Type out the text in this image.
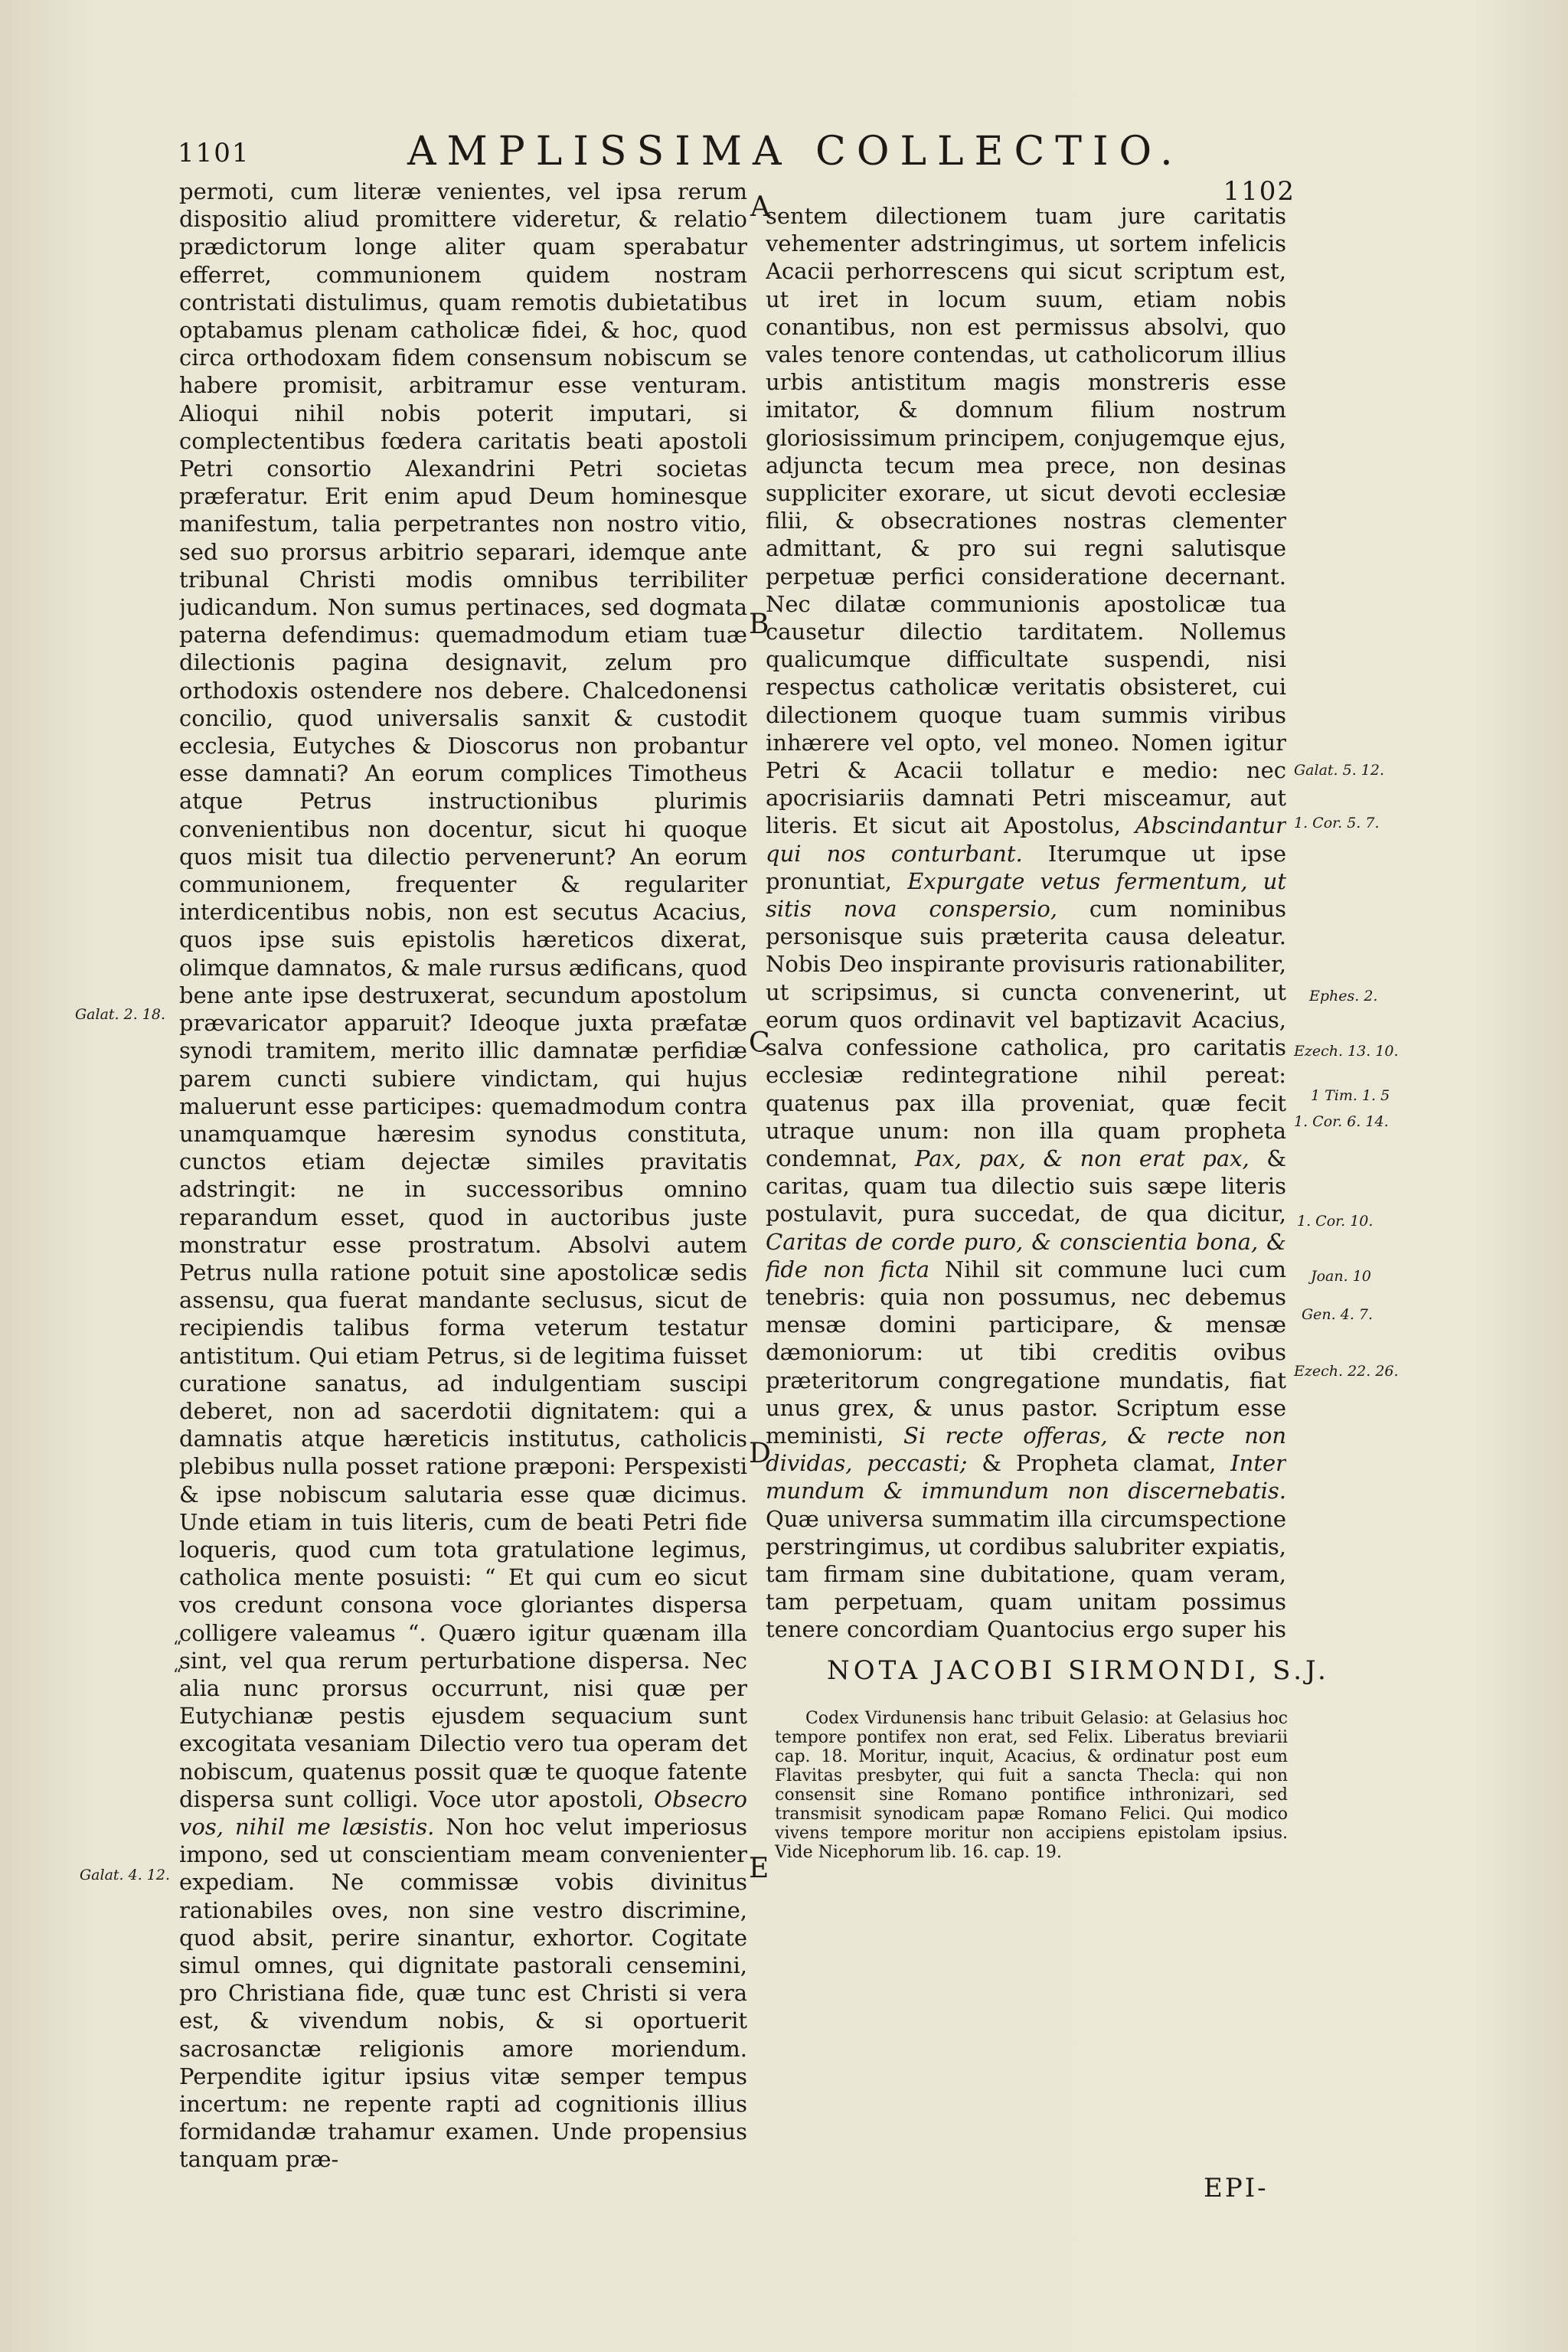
1101	AMPLISSIMA COLLECTIO.
1102
A
B
C
D
E

permoti, cum literæ venientes, vel ipsa rerum dispositio aliud promittere videretur, & relatio prædictorum longe aliter quam sperabatur efferret, communionem quidem nostram contristati distulimus, quam remotis dubietatibus optabamus plenam catholicæ fidei, & hoc, quod circa orthodoxam fidem consensum nobiscum se habere promisit, arbitramur esse venturam. Alioqui nihil nobis poterit imputari, si complectentibus fœdera caritatis beati apostoli Petri consortio Alexandrini Petri societas præferatur. Erit enim apud Deum hominesque manifestum, talia perpetrantes non nostro vitio, sed suo prorsus arbitrio separari, idemque ante tribunal Christi modis omnibus terribiliter judicandum. Non sumus pertinaces, sed dogmata paterna defendimus: quemadmodum etiam tuæ dilectionis pagina designavit, zelum pro orthodoxis ostendere nos debere. Chalcedonensi concilio, quod universalis sanxit & custodit ecclesia, Eutyches & Dioscorus non probantur esse damnati? An eorum complices Timotheus atque Petrus instructionibus plurimis convenientibus non docentur, sicut hi quoque quos misit tua dilectio pervenerunt? An eorum communionem, frequenter & regulariter interdicentibus nobis, non est secutus Acacius, quos ipse suis epistolis hæreticos dixerat, olimque damnatos, & male rursus ædificans, quod bene ante ipse destruxerat, secundum apostolum prævaricator apparuit? Ideoque juxta præfatæ synodi tramitem, merito illic damnatæ perfidiæ parem cuncti subiere vindictam, qui hujus maluerunt esse participes: quemadmodum contra unamquamque hæresim synodus constituta, cunctos etiam dejectæ similes pravitatis adstringit: ne in successoribus omnino reparandum esset, quod in auctoribus juste monstratur esse prostratum. Absolvi autem Petrus nulla ratione potuit sine apostolicæ sedis assensu, qua fuerat mandante seclusus, sicut de recipiendis talibus forma veterum testatur antistitum. Qui etiam Petrus, si de legitima fuisset curatione sanatus, ad indulgentiam suscipi deberet, non ad sacerdotii dignitatem: qui a damnatis atque hæreticis institutus, catholicis plebibus nulla posset ratione præponi: Perspexisti & ipse nobiscum salutaria esse quæ dicimus. Unde etiam in tuis literis, cum de beati Petri fide loqueris, quod cum tota gratulatione legimus, catholica mente posuisti: “ Et qui cum eo sicut vos credunt consona voce gloriantes dispersa colligere valeamus “. Quæro igitur quænam illa sint, vel qua rerum perturbatione dispersa. Nec alia nunc prorsus occurrunt, nisi quæ per Eutychianæ pestis ejusdem sequacium sunt excogitata vesaniam Dilectio vero tua operam det nobiscum, quatenus possit quæ te quoque fatente dispersa sunt colligi. Voce utor apostoli, Obsecro vos, nihil me læsistis. Non hoc velut imperiosus impono, sed ut conscientiam meam convenienter expediam. Ne commissæ vobis divinitus rationabiles oves, non sine vestro discrimine, quod absit, perire sinantur, exhortor. Cogitate simul omnes, qui dignitate pastorali censemini, pro Christiana fide, quæ tunc est Christi si vera est, & vivendum nobis, & si oportuerit sacrosanctæ religionis amore moriendum. Perpendite igitur ipsius vitæ semper tempus incertum: ne repente rapti ad cognitionis illius formidandæ trahamur examen. Unde propensius tanquam præ-

sentem dilectionem tuam jure caritatis vehementer adstringimus, ut sortem infelicis Acacii perhorrescens qui sicut scriptum est, ut iret in locum suum, etiam nobis conantibus, non est permissus absolvi, quo vales tenore contendas, ut catholicorum illius urbis antistitum magis monstreris esse imitator, & domnum filium nostrum gloriosissimum principem, conjugemque ejus, adjuncta tecum mea prece, non desinas suppliciter exorare, ut sicut devoti ecclesiæ filii, & obsecrationes nostras clementer admittant, & pro sui regni salutisque perpetuæ perfici consideratione decernant. Nec dilatæ communionis apostolicæ tua causetur dilectio tarditatem. Nollemus qualicumque difficultate suspendi, nisi respectus catholicæ veritatis obsisteret, cui dilectionem quoque tuam summis viribus inhærere vel opto, vel moneo. Nomen igitur Petri & Acacii tollatur e medio: nec apocrisiariis damnati Petri misceamur, aut literis. Et sicut ait Apostolus, Abscindantur qui nos conturbant. Iterumque ut ipse pronuntiat, Expurgate vetus fermentum, ut sitis nova conspersio, cum nominibus personisque suis præterita causa deleatur. Nobis Deo inspirante provisuris rationabiliter, ut scripsimus, si cuncta convenerint, ut eorum quos ordinavit vel baptizavit Acacius, salva confessione catholica, pro caritatis ecclesiæ redintegratione nihil pereat: quatenus pax illa proveniat, quæ fecit utraque unum: non illa quam propheta condemnat, Pax, pax, & non erat pax, & caritas, quam tua dilectio suis sæpe literis postulavit, pura succedat, de qua dicitur, Caritas de corde puro, & conscientia bona, & fide non ficta Nihil sit commune luci cum tenebris: quia non possumus, nec debemus mensæ domini participare, & mensæ dæmoniorum: ut tibi creditis ovibus præteritorum congregatione mundatis, fiat unus grex, & unus pastor. Scriptum esse meministi, Si recte offeras, & recte non dividas, peccasti; & Propheta clamat, Inter mundum & immundum non discernebatis. Quæ universa summatim illa circumspectione perstringimus, ut cordibus salubriter expiatis, tam firmam sine dubitatione, quam veram, tam perpetuam, quam unitam possimus tenere concordiam Quantocius ergo super his

Galat. 2. 18.
“
“
Galat. 4. 12.
Galat. 5. 12.
1. Cor. 5. 7.
Ephes. 2.
Ezech. 13. 10.
1 Tim. 1. 5
1. Cor. 6. 14.
1. Cor. 10.
Joan. 10
Gen. 4. 7.
Ezech. 22. 26.
NOTA JACOBI SIRMONDI, S.J.
Codex Virdunensis hanc tribuit Gelasio: at Gelasius hoc tempore pontifex non erat, sed Felix. Liberatus breviarii cap. 18. Moritur, inquit, Acacius, & ordinatur post eum Flavitas presbyter, qui fuit a sancta Thecla: qui non consensit sine Romano pontifice inthronizari, sed transmisit synodicam papæ Romano Felici. Qui modico vivens tempore moritur non accipiens epistolam ipsius. Vide Nicephorum lib. 16. cap. 19.
EPI-
